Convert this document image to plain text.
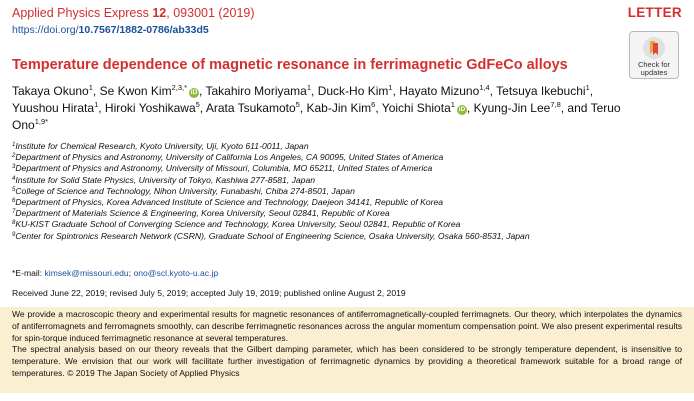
Applied Physics Express 12, 093001 (2019)	LETTER
https://doi.org/10.7567/1882-0786/ab33d5
Check for
updates
Temperature dependence of magnetic resonance in ferrimagnetic GdFeCo alloys
Takaya Okuno$^1$, Se Kwon Kim$^{2,3,*}$iD , Takahiro Moriyama$^1$, Duck-Ho Kim$^1$, Hayato Mizuno$^{1,4}$, Tetsuya Ikebuchi$^1$, Yuushou Hirata$^1$, Hiroki Yoshikawa$^5$, Arata Tsukamoto$^5$, Kab-Jin Kim$^6$, Yoichi Shiota$^1$iD , Kyung-Jin Lee$^{7,8}$, and Teruo Ono$^{1,9*}$
$^1$Institute for Chemical Research, Kyoto University, Uji, Kyoto 611-0011, Japan
$^2$Department of Physics and Astronomy, University of California Los Angeles, CA 90095, United States of America
$^3$Department of Physics and Astronomy, University of Missouri, Columbia, MO 65211, United States of America
$^4$Institute for Solid State Physics, University of Tokyo, Kashiwa 277-8581, Japan
$^5$College of Science and Technology, Nihon University, Funabashi, Chiba 274-8501, Japan
$^6$Department of Physics, Korea Advanced Institute of Science and Technology, Daejeon 34141, Republic of Korea
$^7$Department of Materials Science & Engineering, Korea University, Seoul 02841, Republic of Korea
$^8$KU-KIST Graduate School of Converging Science and Technology, Korea University, Seoul 02841, Republic of Korea
$^9$Center for Spintronics Research Network (CSRN), Graduate School of Engineering Science, Osaka University, Osaka 560-8531, Japan
*E-mail: kimsek@missouri.edu; ono@scl.kyoto-u.ac.jp
Received June 22, 2019; revised July 5, 2019; accepted July 19, 2019; published online August 2, 2019
We provide a macroscopic theory and experimental results for magnetic resonances of antiferromagnetically-coupled ferrimagnets. Our theory, which interpolates the dynamics of antiferromagnets and ferromagnets smoothly, can describe ferrimagnetic resonances across the angular momentum compensation point. We also present experimental results for spin-torque induced ferrimagnetic resonance at several temperatures.
The spectral analysis based on our theory reveals that the Gilbert damping parameter, which has been considered to be strongly temperature dependent, is insensitive to temperature. We envision that our work will facilitate further investigation of ferrimagnetic dynamics by providing a theoretical framework suitable for a broad range of temperatures. © 2019 The Japan Society of Applied Physics
